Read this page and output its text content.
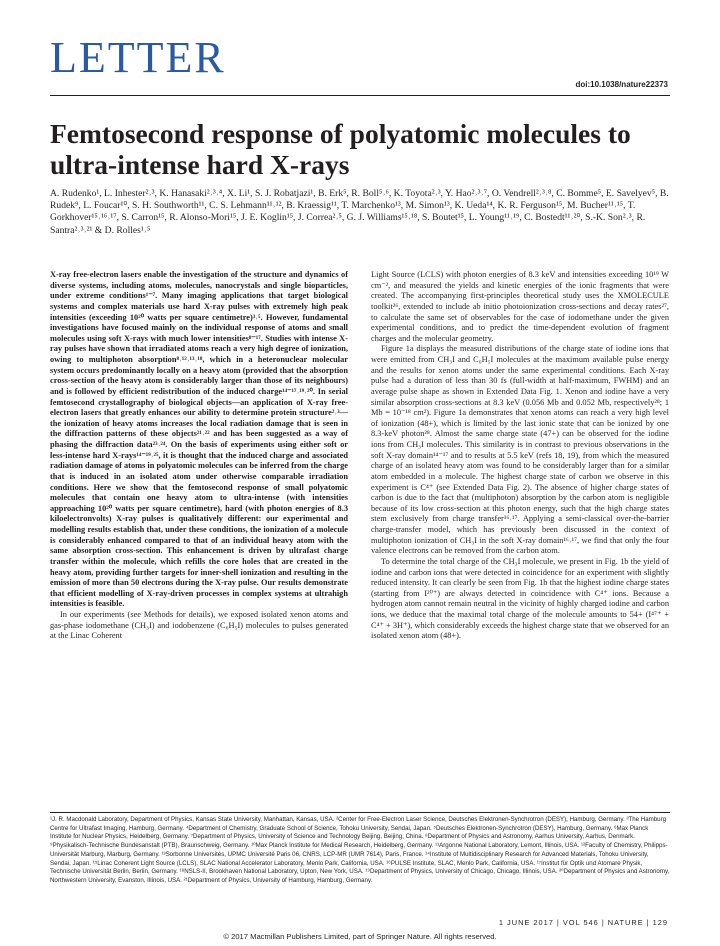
LETTER
doi:10.1038/nature22373
Femtosecond response of polyatomic molecules to ultra-intense hard X-rays
A. Rudenko¹, L. Inhester²˒³, K. Hanasaki²˒³˒⁴, X. Li¹, S. J. Robatjazi¹, B. Erk⁵, R. Boll⁵˒⁶, K. Toyota²˒³, Y. Hao²˒³˒⁷, O. Vendrell²˒³˒⁸, C. Bomme⁵, E. Savelyev⁵, B. Rudek⁹, L. Foucar¹⁰, S. H. Southworth¹¹, C. S. Lehmann¹¹˒¹², B. Kraessig¹¹, T. Marchenko¹³, M. Simon¹³, K. Ueda¹⁴, K. R. Ferguson¹⁵, M. Bucher¹¹˒¹⁵, T. Gorkhover¹⁵˒¹⁶˒¹⁷, S. Carron¹⁵, R. Alonso-Mori¹⁵, J. E. Koglin¹⁵, J. Correa²˒⁵, G. J. Williams¹⁵˒¹⁸, S. Boutet¹⁵, L. Young¹¹˒¹⁹, C. Bostedt¹¹˒²⁰, S.-K. Son²˒³, R. Santra²˒³˒²¹ & D. Rolles¹˒⁵

X-ray free-electron lasers enable the investigation of the structure and dynamics of diverse systems, including atoms, molecules, nanocrystals and single bioparticles, under extreme conditions¹⁻⁷. Many imaging applications that target biological systems and complex materials use hard X-ray pulses with extremely high peak intensities (exceeding 10²⁰ watts per square centimetre)³˒⁵. However, fundamental investigations have focused mainly on the individual response of atoms and small molecules using soft X-rays with much lower intensities⁸⁻¹⁷. Studies with intense X-ray pulses have shown that irradiated atoms reach a very high degree of ionization, owing to multiphoton absorption⁸˒¹²˒¹³˒¹⁸, which in a heteronuclear molecular system occurs predominantly locally on a heavy atom (provided that the absorption cross-section of the heavy atom is considerably larger than those of its neighbours) and is followed by efficient redistribution of the induced charge¹⁴⁻¹⁷˒¹⁹˒²⁰. In serial femtosecond crystallography of biological objects—an application of X-ray free-electron lasers that greatly enhances our ability to determine protein structure²˒³—the ionization of heavy atoms increases the local radiation damage that is seen in the diffraction patterns of these objects²¹˒²² and has been suggested as a way of phasing the diffraction data²³˒²⁴. On the basis of experiments using either soft or less-intense hard X-rays¹⁴⁻¹⁹˒²⁵, it is thought that the induced charge and associated radiation damage of atoms in polyatomic molecules can be inferred from the charge that is induced in an isolated atom under otherwise comparable irradiation conditions. Here we show that the femtosecond response of small polyatomic molecules that contain one heavy atom to ultra-intense (with intensities approaching 10²⁰ watts per square centimetre), hard (with photon energies of 8.3 kiloelectronvolts) X-ray pulses is qualitatively different: our experimental and modelling results establish that, under these conditions, the ionization of a molecule is considerably enhanced compared to that of an individual heavy atom with the same absorption cross-section. This enhancement is driven by ultrafast charge transfer within the molecule, which refills the core holes that are created in the heavy atom, providing further targets for inner-shell ionization and resulting in the emission of more than 50 electrons during the X-ray pulse. Our results demonstrate that efficient modelling of X-ray-driven processes in complex systems at ultrahigh intensities is feasible.

In our experiments (see Methods for details), we exposed isolated xenon atoms and gas-phase iodomethane (CH₃I) and iodobenzene (C₆H₅I) molecules to pulses generated at the Linac Coherent

Light Source (LCLS) with photon energies of 8.3 keV and intensities exceeding 10¹⁹ W cm⁻², and measured the yields and kinetic energies of the ionic fragments that were created. The accompanying first-principles theoretical study uses the XMOLECULE toolkit²⁶, extended to include ab initio photoionization cross-sections and decay rates²⁷, to calculate the same set of observables for the case of iodomethane under the given experimental conditions, and to predict the time-dependent evolution of fragment charges and the molecular geometry.

Figure 1a displays the measured distributions of the charge state of iodine ions that were emitted from CH₃I and C₆H₅I molecules at the maximum available pulse energy and the results for xenon atoms under the same experimental conditions. Each X-ray pulse had a duration of less than 30 fs (full-width at half-maximum, FWHM) and an average pulse shape as shown in Extended Data Fig. 1. Xenon and iodine have a very similar absorption cross-sections at 8.3 keV (0.056 Mb and 0.052 Mb, respectively²⁸; 1 Mb = 10⁻¹⁸ cm²). Figure 1a demonstrates that xenon atoms can reach a very high level of ionization (48+), which is limited by the last ionic state that can be ionized by one 8.3-keV photon²⁸. Almost the same charge state (47+) can be observed for the iodine ions from CH₃I molecules. This similarity is in contrast to previous observations in the soft X-ray domain¹⁴⁻¹⁷ and to results at 5.5 keV (refs 18, 19), from which the measured charge of an isolated heavy atom was found to be considerably larger than for a similar atom embedded in a molecule. The highest charge state of carbon we observe in this experiment is C⁴⁺ (see Extended Data Fig. 2). The absence of higher charge states of carbon is due to the fact that (multiphoton) absorption by the carbon atom is negligible because of its low cross-section at this photon energy, such that the high charge states stem exclusively from charge transfer¹⁶˒¹⁷. Applying a semi-classical over-the-barrier charge-transfer model, which has previously been discussed in the context of multiphoton ionization of CH₃I in the soft X-ray domain¹⁶˒¹⁷, we find that only the four valence electrons can be removed from the carbon atom.

To determine the total charge of the CH₃I molecule, we present in Fig. 1b the yield of iodine and carbon ions that were detected in coincidence for an experiment with slightly reduced intensity. It can clearly be seen from Fig. 1b that the highest iodine charge states (starting from I²⁰⁺) are always detected in coincidence with C⁴⁺ ions. Because a hydrogen atom cannot remain neutral in the vicinity of highly charged iodine and carbon ions, we deduce that the maximal total charge of the molecule amounts to 54+ (I⁴⁷⁺ + C⁴⁺ + 3H⁺), which considerably exceeds the highest charge state that we observed for an isolated xenon atom (48+).

¹J. R. Macdonald Laboratory, Department of Physics, Kansas State University, Manhattan, Kansas, USA. ²Center for Free-Electron Laser Science, Deutsches Elektronen-Synchrotron (DESY), Hamburg, Germany. ³The Hamburg Centre for Ultrafast Imaging, Hamburg, Germany. ⁴Department of Chemistry, Graduate School of Science, Tohoku University, Sendai, Japan. ⁵Deutsches Elektronen-Synchrotron (DESY), Hamburg, Germany. ⁶Max Planck Institute for Nuclear Physics, Heidelberg, Germany. ⁷Department of Physics, University of Science and Technology Beijing, Beijing, China. ⁸Department of Physics and Astronomy, Aarhus University, Aarhus, Denmark. ⁹Physikalisch-Technische Bundesanstalt (PTB), Braunschweig, Germany. ¹⁰Max Planck Institute for Medical Research, Heidelberg, Germany. ¹¹Argonne National Laboratory, Lemont, Illinois, USA. ¹²Faculty of Chemistry, Philipps-Universität Marburg, Marburg, Germany. ¹³Sorbonne Universités, UPMC Université Paris 06, CNRS, LCP-MR (UMR 7614), Paris, France. ¹⁴Institute of Multidisciplinary Research for Advanced Materials, Tohoku University, Sendai, Japan. ¹⁵Linac Coherent Light Source (LCLS), SLAC National Accelerator Laboratory, Menlo Park, California, USA. ¹⁶PULSE Institute, SLAC, Menlo Park, California, USA. ¹⁷Institut für Optik und Atomare Physik, Technische Universität Berlin, Berlin, Germany. ¹⁸NSLS-II, Brookhaven National Laboratory, Upton, New York, USA. ¹⁹Department of Physics, University of Chicago, Chicago, Illinois, USA. ²⁰Department of Physics and Astronomy, Northwestern University, Evanston, Illinois, USA. ²¹Department of Physics, University of Hamburg, Hamburg, Germany.
1 JUNE 2017 | VOL 546 | NATURE | 129
© 2017 Macmillan Publishers Limited, part of Springer Nature. All rights reserved.
